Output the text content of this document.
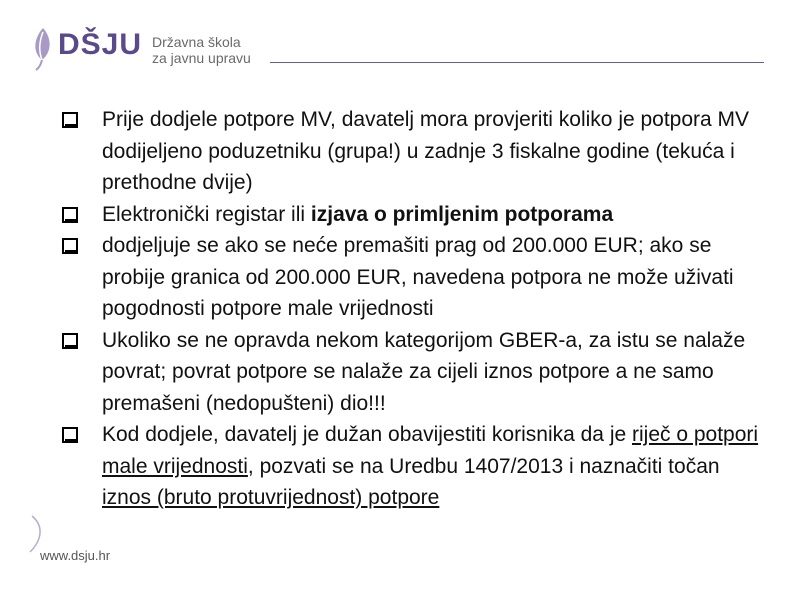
DŠJU Državna škola
za javnu upravu
Prije dodjele potpore MV, davatelj mora provjeriti koliko je potpora MV dodijeljeno poduzetniku (grupa!) u zadnje 3 fiskalne godine (tekuća i prethodne dvije)
Elektronički registar ili izjava o primljenim potporama
dodjeljuje se ako se neće premašiti prag od 200.000 EUR; ako se probije granica od 200.000 EUR, navedena potpora ne može uživati pogodnosti potpore male vrijednosti
Ukoliko se ne opravda nekom kategorijom GBER-a, za istu se nalaže povrat; povrat potpore se nalaže za cijeli iznos potpore a ne samo premašeni (nedopušteni) dio!!!
Kod dodjele, davatelj je dužan obavijestiti korisnika da je riječ o potpori male vrijednosti, pozvati se na Uredbu 1407/2013 i naznačiti točan iznos (bruto protuvrijednost) potpore
www.dsju.hr
